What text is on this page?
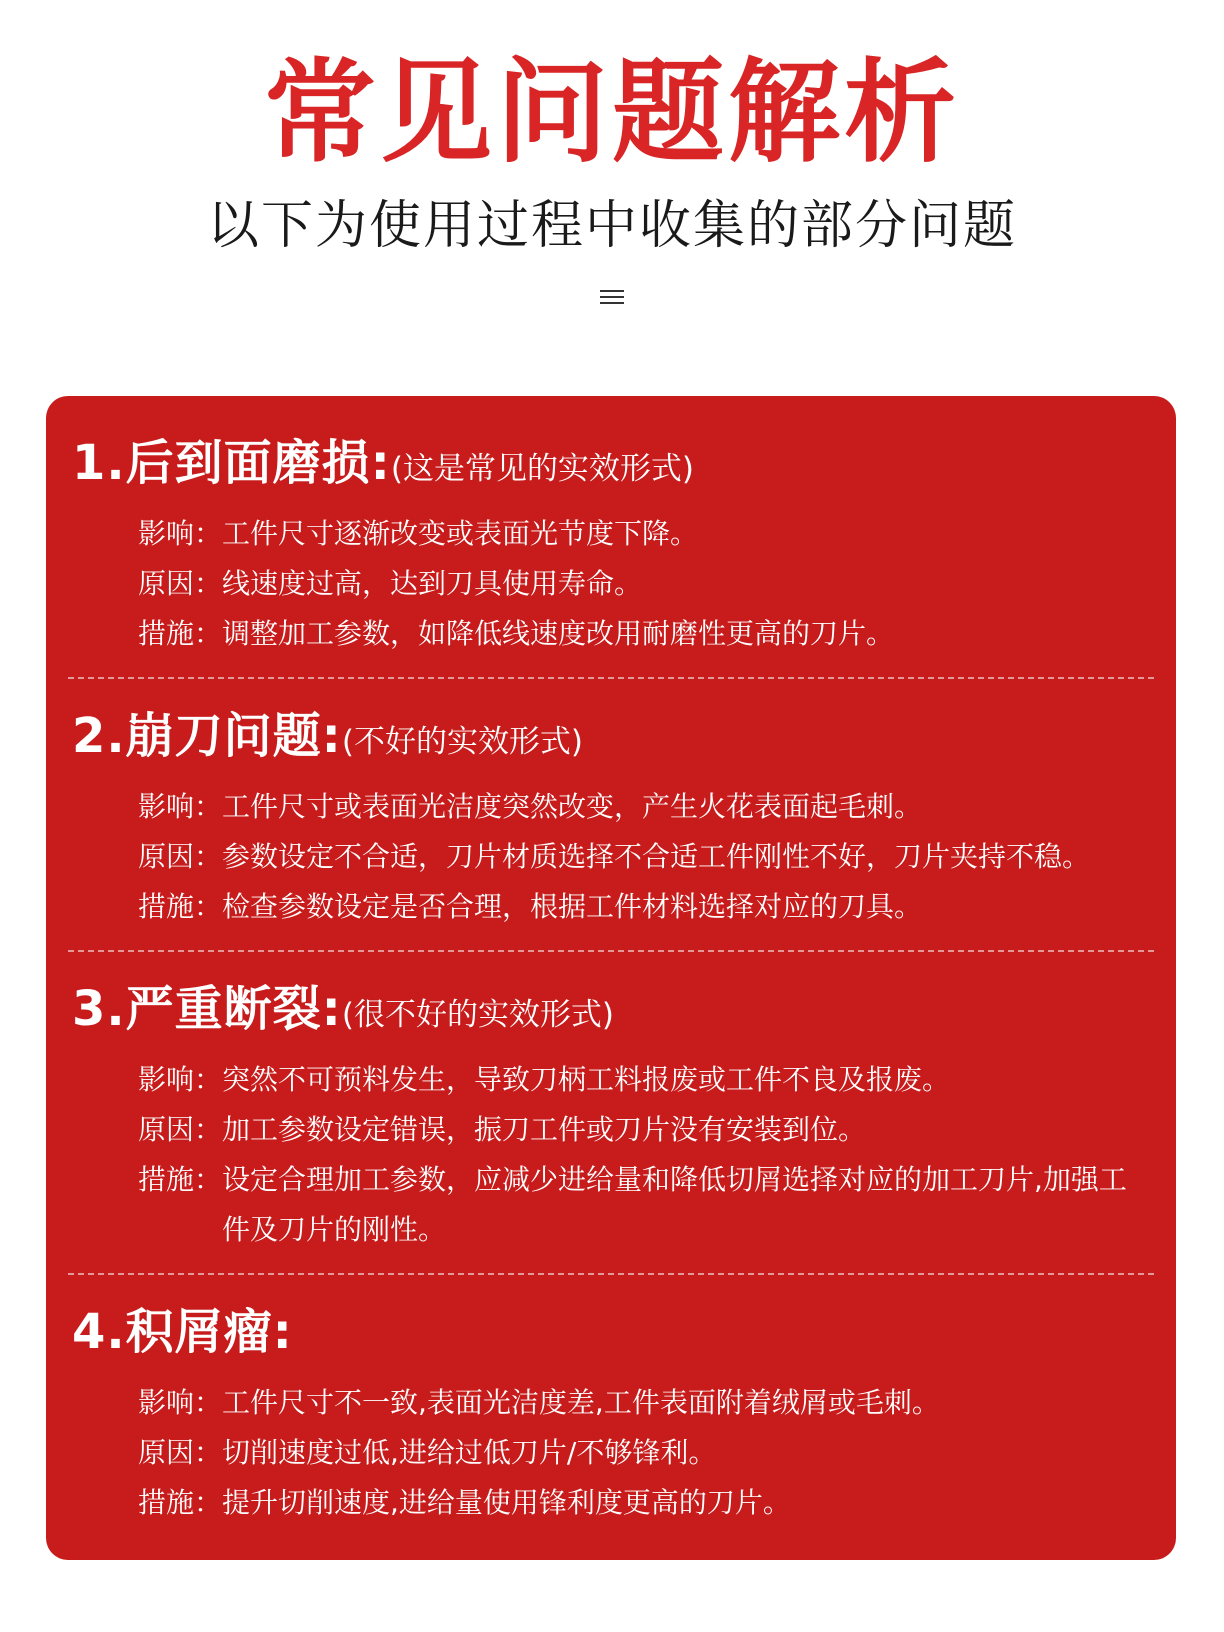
常见问题解析
以下为使用过程中收集的部分问题
1.后到面磨损:(这是常见的实效形式)
影响： 工件尺寸逐渐改变或表面光节度下降。
原因： 线速度过高，达到刀具使用寿命。
措施： 调整加工参数，如降低线速度改用耐磨性更高的刀片。
2.崩刀问题:(不好的实效形式)
影响： 工件尺寸或表面光洁度突然改变，产生火花表面起毛刺。
原因： 参数设定不合适，刀片材质选择不合适工件刚性不好，刀片夹持不稳。
措施： 检查参数设定是否合理，根据工件材料选择对应的刀具。
3.严重断裂:(很不好的实效形式)
影响： 突然不可预料发生，导致刀柄工料报废或工件不良及报废。
原因： 加工参数设定错误，振刀工件或刀片没有安装到位。
措施： 设定合理加工参数，应减少进给量和降低切屑选择对应的加工刀片,加强工件及刀片的刚性。
4.积屑瘤:
影响： 工件尺寸不一致,表面光洁度差,工件表面附着绒屑或毛刺。
原因： 切削速度过低,进给过低刀片/不够锋利。
措施： 提升切削速度,进给量使用锋利度更高的刀片。
